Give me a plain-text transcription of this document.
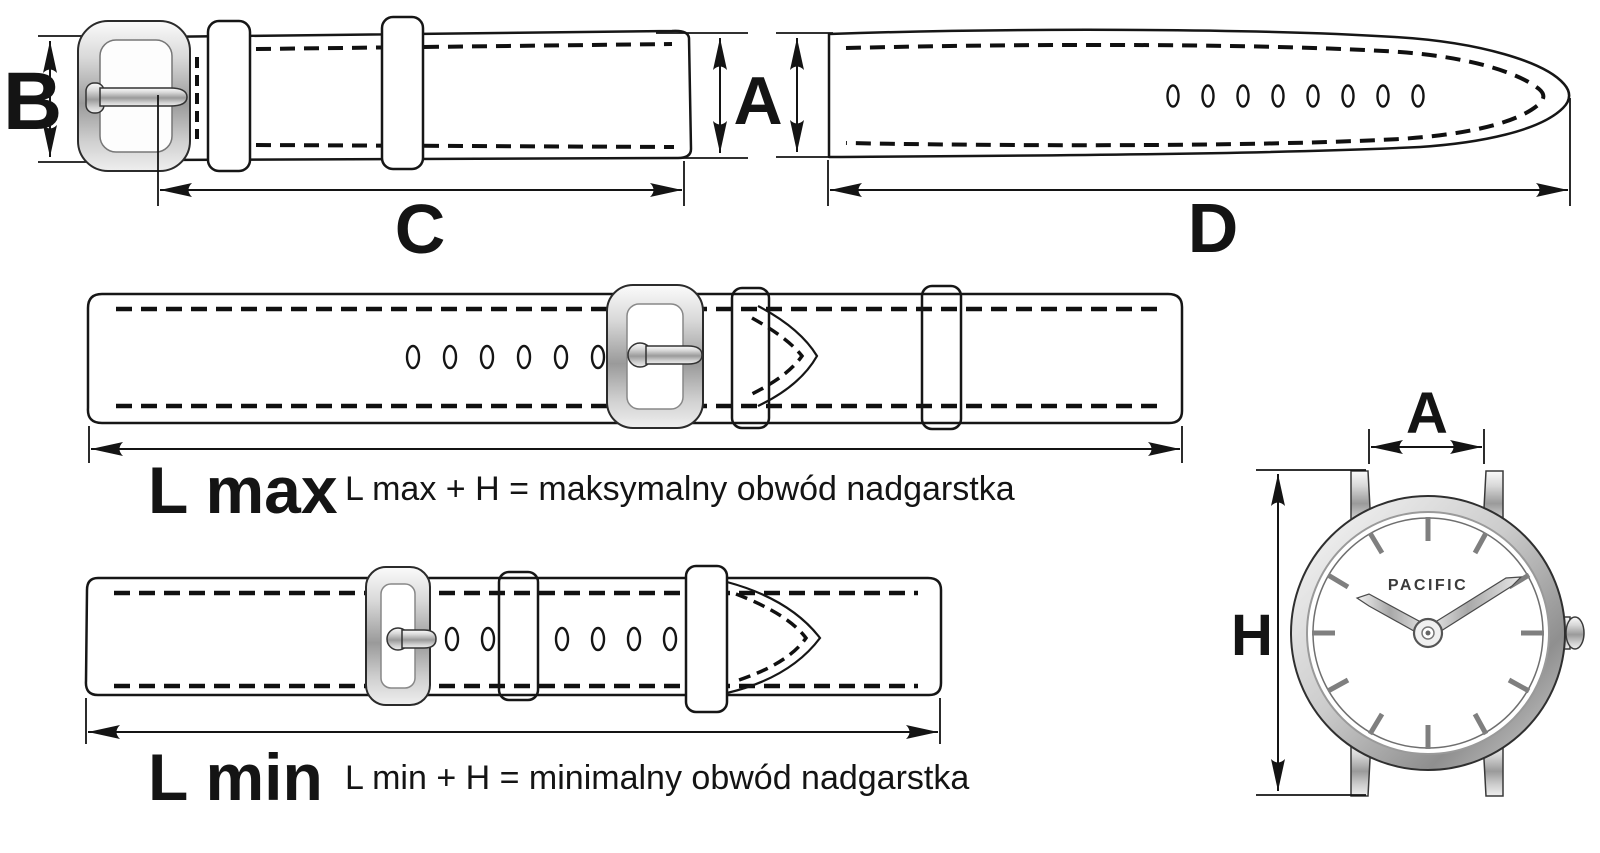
B
C
A
D
L max L max + H = maksymalny obwód nadgarstka
L min L min + H = minimalny obwód nadgarstka
PACIFIC
A
H
